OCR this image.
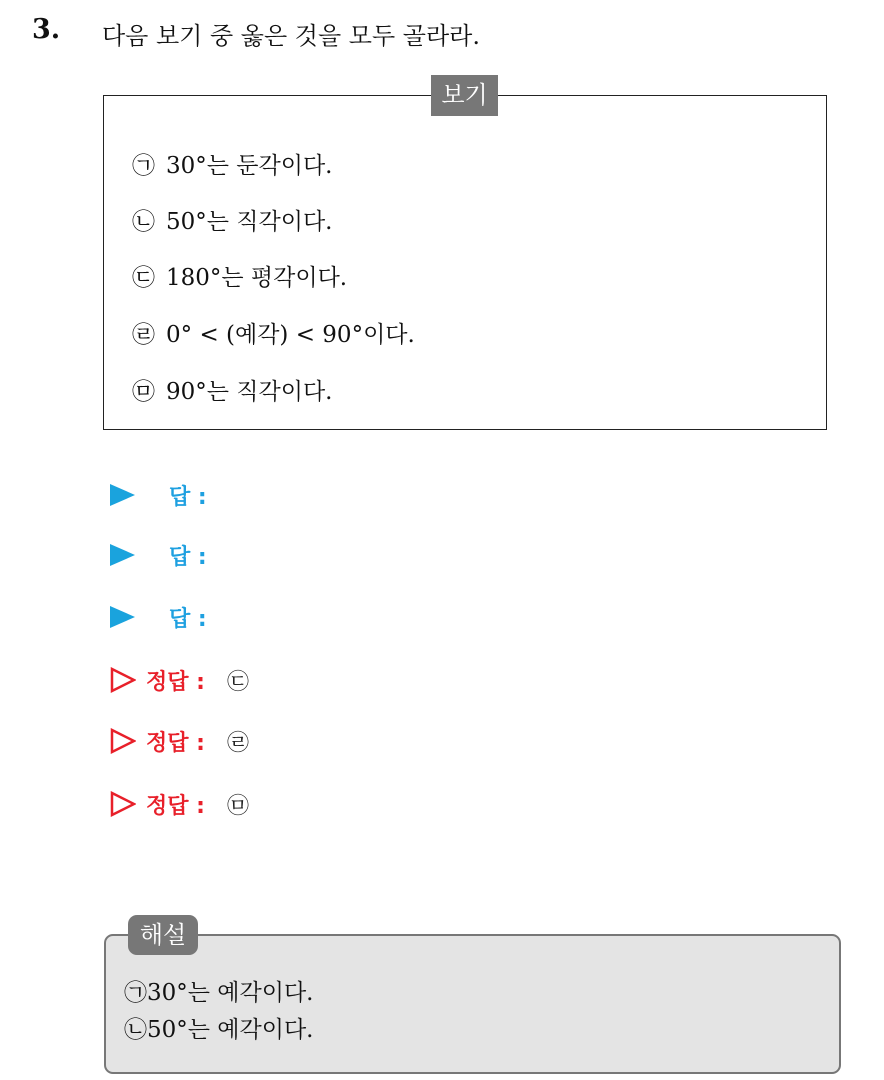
3. 다음 보기 중 옳은 것을 모두 골라라.
보기
㉠ 30°는 둔각이다.
㉡ 50°는 직각이다.
㉢ 180°는 평각이다.
㉣ 0° < (예각) < 90°이다.
㉤ 90°는 직각이다.
답 :
답 :
답 :
정답 : ㉢
정답 : ㉣
정답 : ㉤
해설
㉠30°는 예각이다.
㉡50°는 예각이다.
